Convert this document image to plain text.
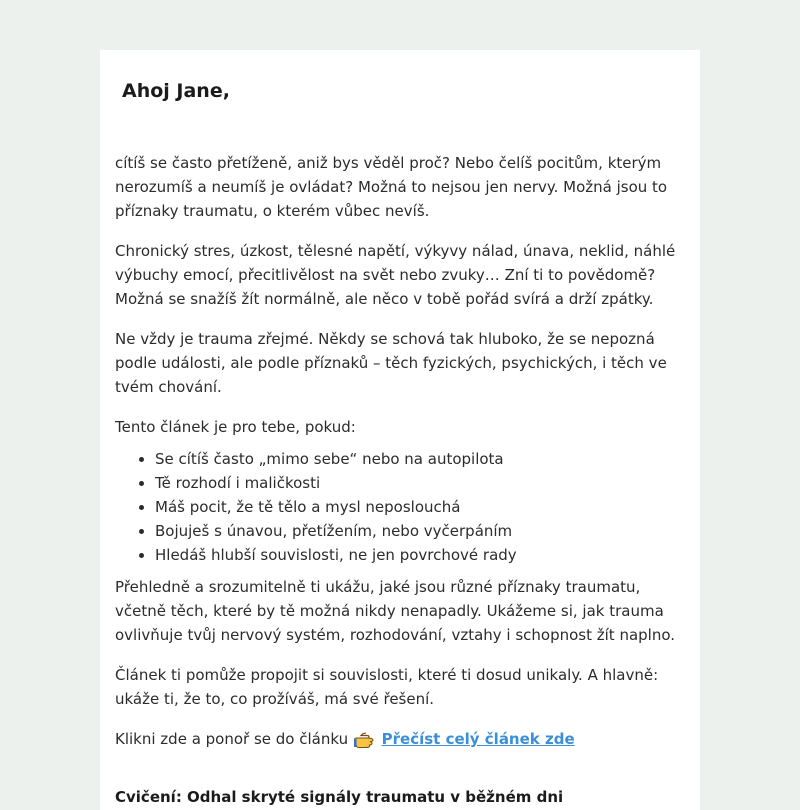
Ahoj Jane,

cítíš se často přetíženě, aniž bys věděl proč? Nebo čelíš pocitům, kterým nerozumíš a neumíš je ovládat? Možná to nejsou jen nervy. Možná jsou to příznaky traumatu, o kterém vůbec nevíš.

Chronický stres, úzkost, tělesné napětí, výkyvy nálad, únava, neklid, náhlé výbuchy emocí, přecitlivělost na svět nebo zvuky… Zní ti to povědomě? Možná se snažíš žít normálně, ale něco v tobě pořád svírá a drží zpátky.

Ne vždy je trauma zřejmé. Někdy se schová tak hluboko, že se nepozná podle události, ale podle příznaků – těch fyzických, psychických, i těch ve tvém chování.

Tento článek je pro tebe, pokud:

• Se cítíš často „mimo sebe“ nebo na autopilota
• Tě rozhodí i maličkosti
• Máš pocit, že tě tělo a mysl neposlouchá
• Bojuješ s únavou, přetížením, nebo vyčerpáním
• Hledáš hlubší souvislosti, ne jen povrchové rady

Přehledně a srozumitelně ti ukážu, jaké jsou různé příznaky traumatu, včetně těch, které by tě možná nikdy nenapadly. Ukážeme si, jak trauma ovlivňuje tvůj nervový systém, rozhodování, vztahy i schopnost žít naplno.

Článek ti pomůže propojit si souvislosti, které ti dosud unikaly. A hlavně: ukáže ti, že to, co prožíváš, má své řešení.

Klikni zde a ponoř se do článku Přečíst celý článek zde

Cvičení: Odhal skryté signály traumatu v běžném dni
